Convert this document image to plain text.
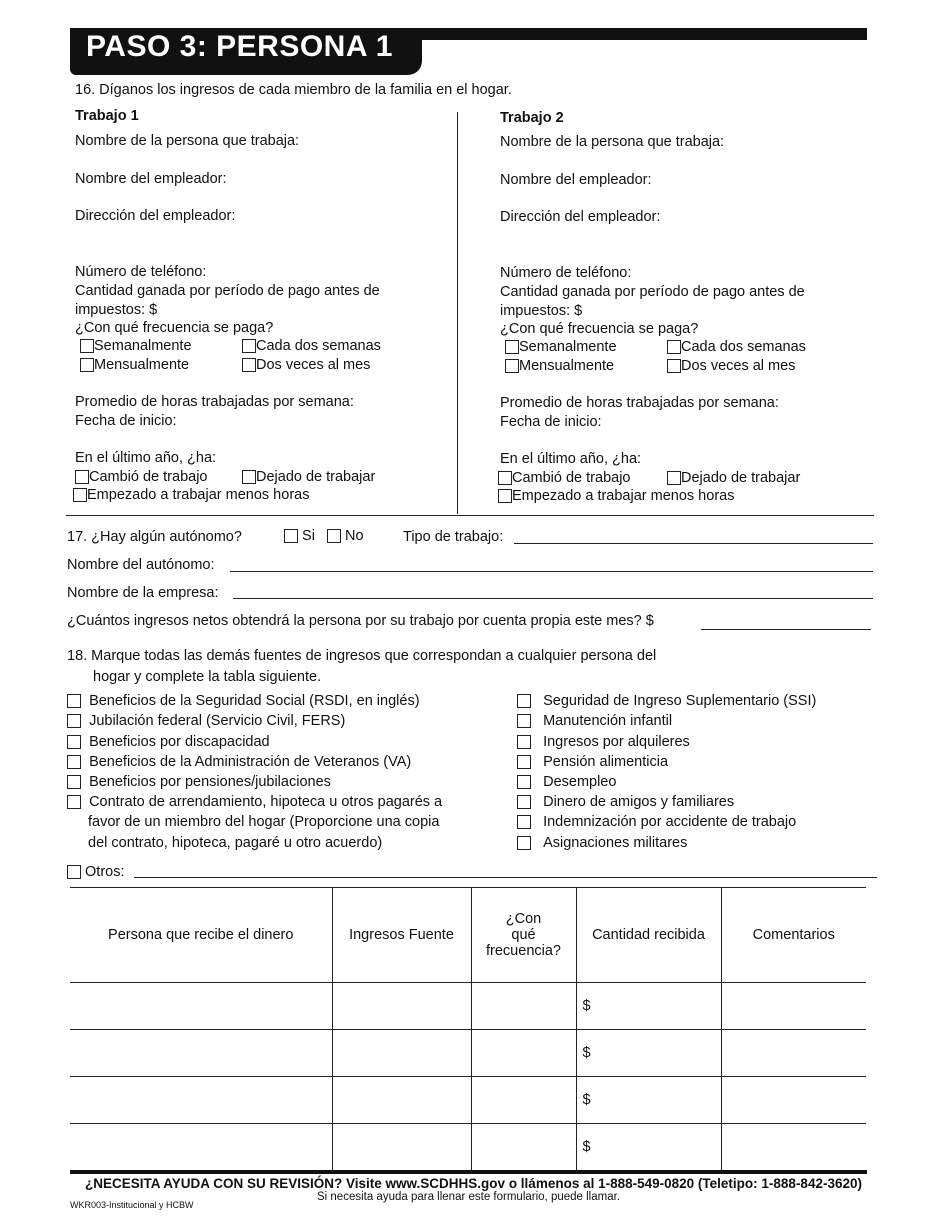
PASO 3: PERSONA 1
16. Díganos los ingresos de cada miembro de la familia en el hogar.
Trabajo 1
Nombre de la persona que trabaja:
Nombre del empleador:
Dirección del empleador:
Número de teléfono:
Cantidad ganada por período de pago antes de
impuestos: $
¿Con qué frecuencia se paga?
Semanalmente	Cada dos semanas
Mensualmente	Dos veces al mes
Promedio de horas trabajadas por semana:
Fecha de inicio:
En el último año, ¿ha:
Cambió de trabajo	Dejado de trabajar
Empezado a trabajar menos horas
Trabajo 2
Nombre de la persona que trabaja:
Nombre del empleador:
Dirección del empleador:
Número de teléfono:
Cantidad ganada por período de pago antes de
impuestos: $
¿Con qué frecuencia se paga?
Semanalmente	Cada dos semanas
Mensualmente	Dos veces al mes
Promedio de horas trabajadas por semana:
Fecha de inicio:
En el último año, ¿ha:
Cambió de trabajo	Dejado de trabajar
Empezado a trabajar menos horas
17. ¿Hay algún autónomo?	Si	No	Tipo de trabajo:
Nombre del autónomo:
Nombre de la empresa:
¿Cuántos ingresos netos obtendrá la persona por su trabajo por cuenta propia este mes? $
18. Marque todas las demás fuentes de ingresos que correspondan a cualquier persona del
hogar y complete la tabla siguiente.
Beneficios de la Seguridad Social (RSDI, en inglés)
Jubilación federal (Servicio Civil, FERS)
Beneficios por discapacidad
Beneficios de la Administración de Veteranos (VA)
Beneficios por pensiones/jubilaciones
Contrato de arrendamiento, hipoteca u otros pagarés a
favor de un miembro del hogar (Proporcione una copia
del contrato, hipoteca, pagaré u otro acuerdo)
Seguridad de Ingreso Suplementario (SSI)
Manutención infantil
Ingresos por alquileres
Pensión alimenticia
Desempleo
Dinero de amigos y familiares
Indemnización por accidente de trabajo
Asignaciones militares
Otros:
Persona que recibe el dinero	Ingresos Fuente	¿Con
qué
frecuencia?	Cantidad recibida	Comentarios
			$	
			$	
			$	
			$	
¿NECESITA AYUDA CON SU REVISIÓN? Visite www.SCDHHS.gov o llámenos al 1-888-549-0820 (Teletipo: 1-888-842-3620)
Si necesita ayuda para llenar este formulario, puede llamar.
WKR003-Institucional y HCBW
